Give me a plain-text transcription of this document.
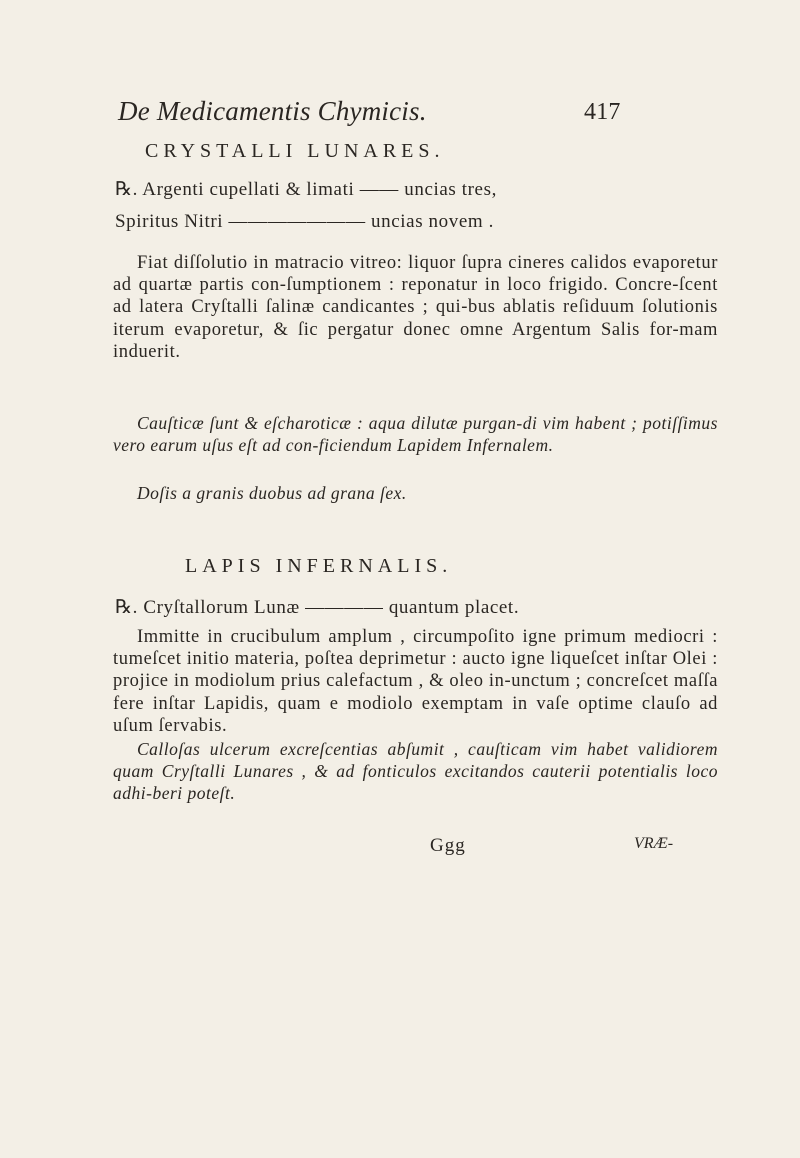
De Medicamentis Chymicis.	417
CRYSTALLI LUNARES.
℞. Argenti cupellati & limati —— uncias tres,
Spiritus Nitri ——————— uncias novem .

Fiat diſſolutio in matracio vitreo: liquor ſupra cineres calidos evaporetur ad quartæ partis con-ſumptionem : reponatur in loco frigido. Concre-ſcent ad latera Cryſtalli ſalinæ candicantes ; qui-bus ablatis reſiduum ſolutionis iterum evaporetur, & ſic pergatur donec omne Argentum Salis for-mam induerit.

Cauſticæ ſunt & eſcharoticæ : aqua dilutæ purgan-di vim habent ; potiſſimus vero earum uſus eſt ad con-ficiendum Lapidem Infernalem.

Doſis a granis duobus ad grana ſex.

LAPIS INFERNALIS.
℞. Cryſtallorum Lunæ ———— quantum placet.

Immitte in crucibulum amplum , circumpoſito igne primum mediocri : tumeſcet initio materia, poſtea deprimetur : aucto igne liqueſcet inſtar Olei : projice in modiolum prius calefactum , & oleo in-unctum ; concreſcet maſſa fere inſtar Lapidis, quam e modiolo exemptam in vaſe optime clauſo ad uſum ſervabis.

Calloſas ulcerum excreſcentias abſumit , cauſticam vim habet validiorem quam Cryſtalli Lunares , & ad fonticulos excitandos cauterii potentialis loco adhi-beri poteſt.

Ggg	VRÆ-
